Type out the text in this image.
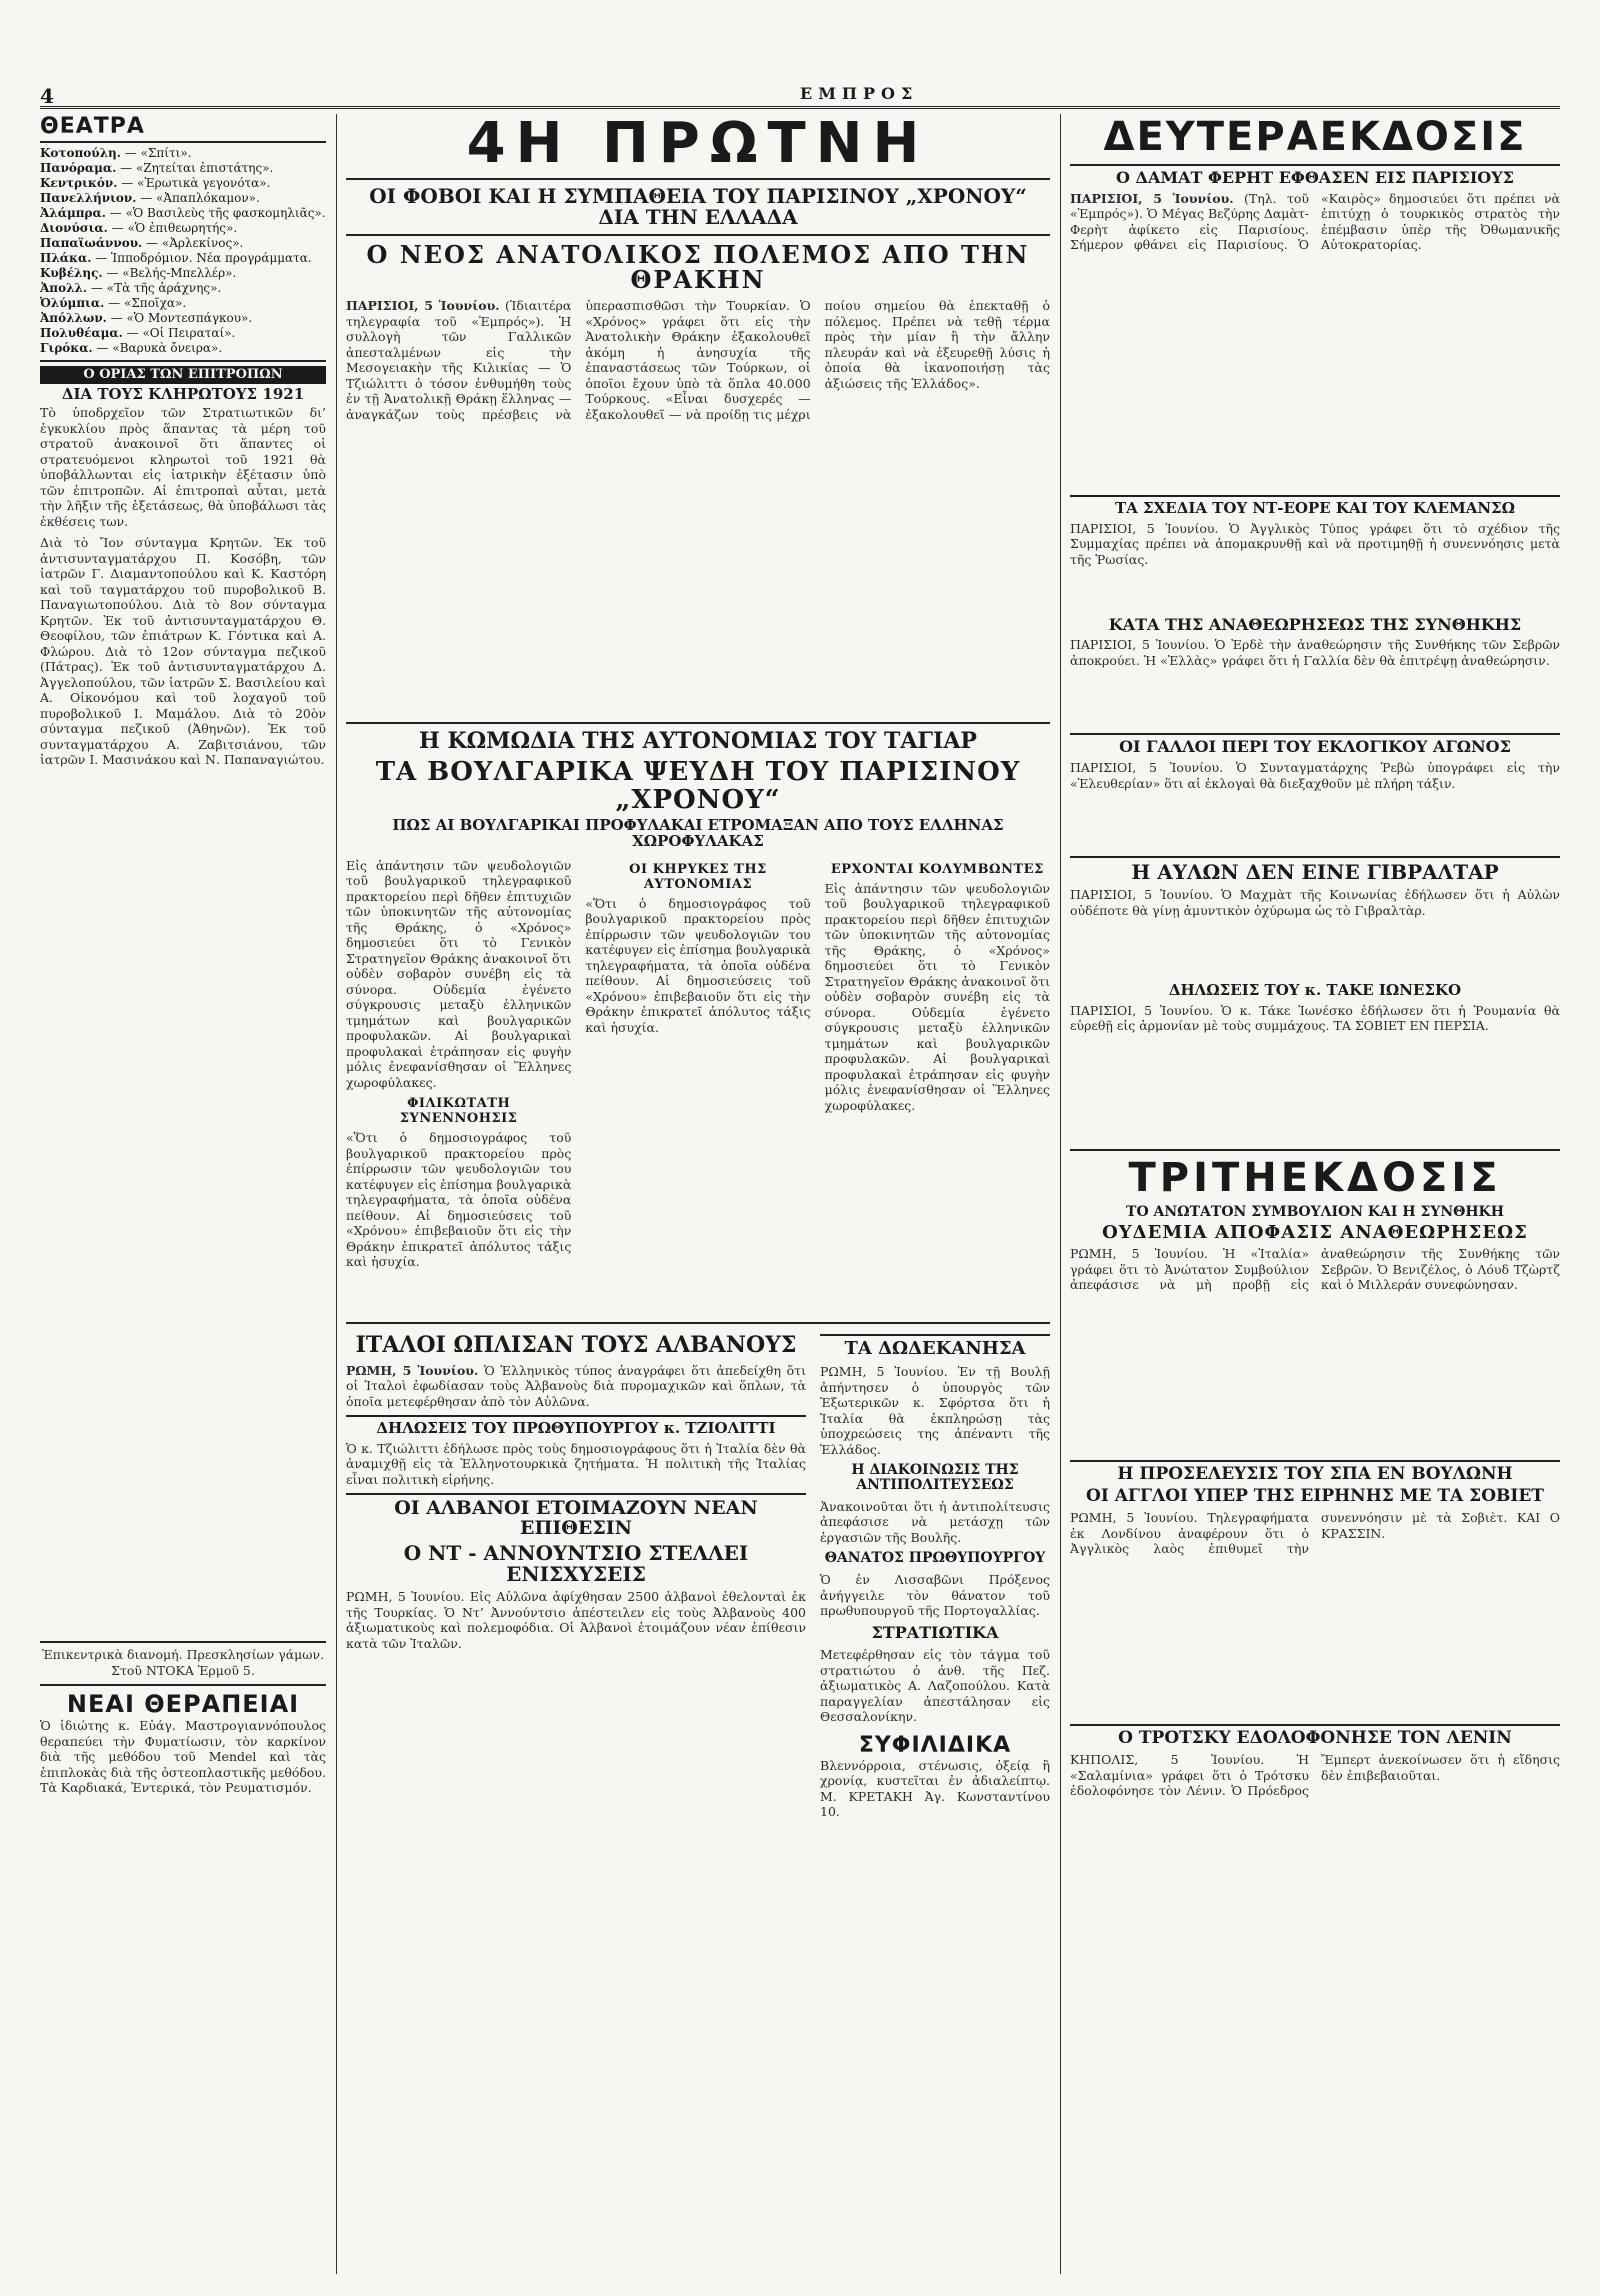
4	ΕΜΠΡΟΣ
ΘΕΑΤΡΑ
Κοτοπούλη. — «Σπίτι».
Πανόραμα. — «Ζητείται ἐπιστάτης».
Κεντρικόν. — «Ἐρωτικὰ γεγονότα».
Πανελλήνιον. — «Ἀπαπλόκαμον».
Ἀλάμπρα. — «Ὁ Βασιλεὺς τῆς φασκομηλιᾶς».
Διονύσια. — «Ὁ ἐπιθεωρητής».
Παπαϊωάννου. — «Ἀρλεκίνος».
Πλάκα. — Ἱπποδρόμιον. Νέα προγράμματα.
Κυβέλης. — «Βελής-Μπελλέρ».
Ἀπολλ. — «Τὰ τῆς ἀράχνης».
Ὀλύμπια. — «Σποῖχα».
Ἀπόλλων. — «Ὁ Μοντεσπάγκου».
Πολυθέαμα. — «Οἱ Πειραταί».
Γιρόκα. — «Βαρυκὰ ὄνειρα».
Ο ΟΡΙΑΣ ΤΩΝ ΕΠΙΤΡΟΠΩΝ
ΔΙΑ ΤΟΥΣ ΚΛΗΡΩΤΟΥΣ 1921

Τὸ ὑποδρχεῖον τῶν Στρατιωτικῶν δι’ ἐγκυκλίου πρὸς ἅπαντας τὰ μέρη τοῦ στρατοῦ ἀνακοινοῖ ὅτι ἅπαντες οἱ στρατευόμενοι κληρωτοὶ τοῦ 1921 θὰ ὑποβάλλωνται εἰς ἰατρικὴν ἐξέτασιν ὑπὸ τῶν ἐπιτροπῶν. Αἱ ἐπιτροπαὶ αὗται, μετὰ τὴν λῆξιν τῆς ἐξετάσεως, θὰ ὑποβάλωσι τὰς ἐκθέσεις των.

Διὰ τὸ Ἴον σύνταγμα Κρητῶν. Ἐκ τοῦ ἀντισυνταγματάρχου Π. Κοσόβη, τῶν ἰατρῶν Γ. Διαμαντοπούλου καὶ Κ. Καστόρη καὶ τοῦ ταγματάρχου τοῦ πυροβολικοῦ Β. Παναγιωτοπούλου. Διὰ τὸ 8ον σύνταγμα Κρητῶν. Ἐκ τοῦ ἀντισυνταγματάρχου Θ. Θεοφίλου, τῶν ἐπιάτρων Κ. Γόντικα καὶ Α. Φλώρου. Διὰ τὸ 12ον σύνταγμα πεζικοῦ (Πάτρας). Ἐκ τοῦ ἀντισυνταγματάρχου Δ. Ἀγγελοπούλου, τῶν ἰατρῶν Σ. Βασιλείου καὶ Α. Οἰκονόμου καὶ τοῦ λοχαγοῦ τοῦ πυροβολικοῦ Ι. Μαμάλου. Διὰ τὸ 20ὸν σύνταγμα πεζικοῦ (Ἀθηνῶν). Ἐκ τοῦ συνταγματάρχου Α. Ζαβιτσιάνου, τῶν ἰατρῶν Ι. Μασινάκου καὶ Ν. Παπαναγιώτου.

Ἐπικεντρικὰ διανομή. Πρεσκλησίων γάμων. Στοῦ ΝΤΟΚΑ Ἑρμοῦ 5.

ΝΕΑΙ ΘΕΡΑΠΕΙΑΙ

Ὁ ἰδιώτης κ. Εὐάγ. Μαστρογιαννόπουλος θεραπεύει τὴν Φυματίωσιν, τὸν καρκίνον διὰ τῆς μεθόδου τοῦ Mendel καὶ τὰς ἐπιπλοκὰς διὰ τῆς ὀστεοπλαστικῆς μεθόδου. Τὰ Καρδιακά, Ἐντερικά, τὸν Ρευματισμόν.

4Η ΠΡΩΤΝΗ
ΟΙ ΦΟΒΟΙ ΚΑΙ Η ΣΥΜΠΑΘΕΙΑ ΤΟΥ ΠΑΡΙΣΙΝΟΥ „ΧΡΟΝΟΥ“ ΔΙΑ ΤΗΝ ΕΛΛΑΔΑ
Ο ΝΕΟΣ ΑΝΑΤΟΛΙΚΟΣ ΠΟΛΕΜΟΣ ΑΠΟ ΤΗΝ ΘΡΑΚΗΝ

ΠΑΡΙΣΙΟΙ, 5 Ἰουνίου. (Ἰδιαιτέρα τηλεγραφία τοῦ «Ἐμπρός»). Ἡ συλλογὴ τῶν Γαλλικῶν ἀπεσταλμένων εἰς τὴν Μεσογειακὴν τῆς Κιλικίας — Ὁ Τζιώλιττι ὁ τόσον ἐνθυμήθη τοὺς ἐν τῇ Ἀνατολικῇ Θράκῃ ἕλληνας — ἀναγκάζων τοὺς πρέσβεις νὰ ὑπερασπισθῶσι τὴν Τουρκίαν. Ὁ «Χρόνος» γράφει ὅτι εἰς τὴν Ἀνατολικὴν Θράκην ἑξακολουθεῖ ἀκόμη ἡ ἀνησυχία τῆς ἐπαναστάσεως τῶν Τούρκων, οἱ ὁποῖοι ἔχουν ὑπὸ τὰ ὅπλα 40.000 Τούρκους. «Εἶναι δυσχερές — ἐξακολουθεῖ — νὰ προίδῃ τις μέχρι ποίου σημείου θὰ ἐπεκταθῇ ὁ πόλεμος. Πρέπει νὰ τεθῇ τέρμα πρὸς τὴν μίαν ἢ τὴν ἄλλην πλευράν καὶ νὰ ἐξευρεθῇ λύσις ἡ ὁποία θὰ ἰκανοποιήσῃ τὰς ἀξιώσεις τῆς Ἑλλάδος».

Η ΚΩΜΩΔΙΑ ΤΗΣ ΑΥΤΟΝΟΜΙΑΣ ΤΟΥ ΤΑΓΙΑΡ
ΤΑ ΒΟΥΛΓΑΡΙΚΑ ΨΕΥΔΗ ΤΟΥ ΠΑΡΙΣΙΝΟΥ „ΧΡΟΝΟΥ“
ΠΩΣ ΑΙ ΒΟΥΛΓΑΡΙΚΑΙ ΠΡΟΦΥΛΑΚΑΙ ΕΤΡΟΜΑΞΑΝ ΑΠΟ ΤΟΥΣ ΕΛΛΗΝΑΣ ΧΩΡΟΦΥΛΑΚΑΣ

Εἰς ἀπάντησιν τῶν ψευδολογιῶν τοῦ βουλγαρικοῦ τηλεγραφικοῦ πρακτορείου περὶ δῆθεν ἐπιτυχιῶν τῶν ὑποκινητῶν τῆς αὐτονομίας τῆς Θράκης, ὁ «Χρόνος» δημοσιεύει ὅτι τὸ Γενικὸν Στρατηγεῖον Θράκης ἀνακοινοῖ ὅτι οὐδὲν σοβαρὸν συνέβη εἰς τὰ σύνορα. Οὐδεμία ἐγένετο σύγκρουσις μεταξὺ ἑλληνικῶν τμημάτων καὶ βουλγαρικῶν προφυλακῶν. Αἱ βουλγαρικαὶ προφυλακαὶ ἐτράπησαν εἰς φυγὴν μόλις ἐνεφανίσθησαν οἱ Ἕλληνες χωροφύλακες.

ΦΙΛΙΚΩΤΑΤΗ ΣΥΝΕΝΝΟΗΣΙΣ

«Ὅτι ὁ δημοσιογράφος τοῦ βουλγαρικοῦ πρακτορείου πρὸς ἐπίρρωσιν τῶν ψευδολογιῶν του κατέφυγεν εἰς ἐπίσημα βουλγαρικὰ τηλεγραφήματα, τὰ ὁποῖα οὐδένα πείθουν. Αἱ δημοσιεύσεις τοῦ «Χρόνου» ἐπιβεβαιοῦν ὅτι εἰς τὴν Θράκην ἐπικρατεῖ ἀπόλυτος τάξις καὶ ἡσυχία.

ΟΙ ΚΗΡΥΚΕΣ ΤΗΣ ΑΥΤΟΝΟΜΙΑΣ

«Ὅτι ὁ δημοσιογράφος τοῦ βουλγαρικοῦ πρακτορείου πρὸς ἐπίρρωσιν τῶν ψευδολογιῶν του κατέφυγεν εἰς ἐπίσημα βουλγαρικὰ τηλεγραφήματα, τὰ ὁποῖα οὐδένα πείθουν. Αἱ δημοσιεύσεις τοῦ «Χρόνου» ἐπιβεβαιοῦν ὅτι εἰς τὴν Θράκην ἐπικρατεῖ ἀπόλυτος τάξις καὶ ἡσυχία.

ΕΡΧΟΝΤΑΙ ΚΟΛΥΜΒΩΝΤΕΣ

Εἰς ἀπάντησιν τῶν ψευδολογιῶν τοῦ βουλγαρικοῦ τηλεγραφικοῦ πρακτορείου περὶ δῆθεν ἐπιτυχιῶν τῶν ὑποκινητῶν τῆς αὐτονομίας τῆς Θράκης, ὁ «Χρόνος» δημοσιεύει ὅτι τὸ Γενικὸν Στρατηγεῖον Θράκης ἀνακοινοῖ ὅτι οὐδὲν σοβαρὸν συνέβη εἰς τὰ σύνορα. Οὐδεμία ἐγένετο σύγκρουσις μεταξὺ ἑλληνικῶν τμημάτων καὶ βουλγαρικῶν προφυλακῶν. Αἱ βουλγαρικαὶ προφυλακαὶ ἐτράπησαν εἰς φυγὴν μόλις ἐνεφανίσθησαν οἱ Ἕλληνες χωροφύλακες.

ΙΤΑΛΟΙ ΩΠΛΙΣΑΝ ΤΟΥΣ ΑΛΒΑΝΟΥΣ

ΡΩΜΗ, 5 Ἰουνίου. Ὁ Ἑλληνικὸς τύπος ἀναγράφει ὅτι ἀπεδείχθη ὅτι οἱ Ἰταλοὶ ἐφωδίασαν τοὺς Ἀλβανοὺς διὰ πυρομαχικῶν καὶ ὅπλων, τὰ ὁποῖα μετεφέρθησαν ἀπὸ τὸν Αὐλῶνα.

ΔΗΛΩΣΕΙΣ ΤΟΥ ΠΡΩΘΥΠΟΥΡΓΟΥ κ. ΤΖΙΟΛΙΤΤΙ

Ὁ κ. Τζιώλιττι ἐδήλωσε πρὸς τοὺς δημοσιογράφους ὅτι ἡ Ἰταλία δὲν θὰ ἀναμιχθῇ εἰς τὰ Ἑλληνοτουρκικὰ ζητήματα. Ἡ πολιτικὴ τῆς Ἰταλίας εἶναι πολιτικὴ εἰρήνης.

ΟΙ ΑΛΒΑΝΟΙ ΕΤΟΙΜΑΖΟΥΝ ΝΕΑΝ ΕΠΙΘΕΣΙΝ
Ο ΝΤ - ΑΝΝΟΥΝΤΣΙΟ ΣΤΕΛΛΕΙ ΕΝΙΣΧΥΣΕΙΣ

ΡΩΜΗ, 5 Ἰουνίου. Εἰς Αὐλῶνα ἀφίχθησαν 2500 ἀλβανοὶ ἐθελονταὶ ἐκ τῆς Τουρκίας. Ὁ Ντ’ Ἀννούντσιο ἀπέστειλεν εἰς τοὺς Ἀλβανοὺς 400 ἀξιωματικοὺς καὶ πολεμοφόδια. Οἱ Ἀλβανοὶ ἑτοιμάζουν νέαν ἐπίθεσιν κατὰ τῶν Ἰταλῶν.

ΤΑ ΔΩΔΕΚΑΝΗΣΑ

ΡΩΜΗ, 5 Ἰουνίου. Ἐν τῇ Βουλῇ ἀπήντησεν ὁ ὑπουργὸς τῶν Ἐξωτερικῶν κ. Σφόρτσα ὅτι ἡ Ἰταλία θὰ ἐκπληρώσῃ τὰς ὑποχρεώσεις της ἀπέναντι τῆς Ἑλλάδος.

Η ΔΙΑΚΟΙΝΩΣΙΣ ΤΗΣ ΑΝΤΙΠΟΛΙΤΕΥΣΕΩΣ

Ἀνακοινοῦται ὅτι ἡ ἀντιπολίτευσις ἀπεφάσισε νὰ μετάσχῃ τῶν ἐργασιῶν τῆς Βουλῆς.

ΘΑΝΑΤΟΣ ΠΡΩΘΥΠΟΥΡΓΟΥ

Ὁ ἐν Λισσαβῶνι Πρόξενος ἀνήγγειλε τὸν θάνατον τοῦ πρωθυπουργοῦ τῆς Πορτογαλλίας.

ΣΤΡΑΤΙΩΤΙΚΑ

Μετεφέρθησαν εἰς τὸν τάγμα τοῦ στρατιώτου ὁ ἀνθ. τῆς Πεζ. ἀξιωματικὸς Α. Λαζοπούλου. Κατὰ παραγγελίαν ἀπεστάλησαν εἰς Θεσσαλονίκην.

ΣΥΦΙΛΙΔΙΚΑ

Βλεννόρροια, στένωσις, ὀξείᾳ ἢ χρονίᾳ, κυστεῖται ἐν ἀδιαλείπτῳ. Μ. ΚΡΕΤΑΚΗ Ἀγ. Κωνσταντίνου 10.

ΔΕΥΤΕΡΑΕΚΔΟΣΙΣ
Ο ΔΑΜΑΤ ΦΕΡΗΤ ΕΦΘΑΣΕΝ ΕΙΣ ΠΑΡΙΣΙΟΥΣ

ΠΑΡΙΣΙΟΙ, 5 Ἰουνίου. (Τηλ. τοῦ «Ἐμπρός»). Ὁ Μέγας Βεζύρης Δαμὰτ-Φερὴτ ἀφίκετο εἰς Παρισίους. Σήμερον φθάνει εἰς Παρισίους. Ὁ «Καιρὸς» δημοσιεύει ὅτι πρέπει νὰ ἐπιτύχῃ ὁ τουρκικὸς στρατὸς τὴν ἐπέμβασιν ὑπὲρ τῆς Ὀθωμανικῆς Αὐτοκρατορίας.

ΤΑ ΣΧΕΔΙΑ ΤΟΥ ΝΤ-ΕΟΡΕ ΚΑΙ ΤΟΥ ΚΛΕΜΑΝΣΩ

ΠΑΡΙΣΙΟΙ, 5 Ἰουνίου. Ὁ Ἀγγλικὸς Τύπος γράφει ὅτι τὸ σχέδιον τῆς Συμμαχίας πρέπει νὰ ἀπομακρυνθῇ καὶ νὰ προτιμηθῇ ἡ συνεννόησις μετὰ τῆς Ῥωσίας.

ΚΑΤΑ ΤΗΣ ΑΝΑΘΕΩΡΗΣΕΩΣ ΤΗΣ ΣΥΝΘΗΚΗΣ

ΠΑΡΙΣΙΟΙ, 5 Ἰουνίου. Ὁ Ἐρδὲ τὴν ἀναθεώρησιν τῆς Συνθήκης τῶν Σεβρῶν ἀποκρούει. Ἡ «Ἑλλὰς» γράφει ὅτι ἡ Γαλλία δὲν θὰ ἐπιτρέψῃ ἀναθεώρησιν.

ΟΙ ΓΑΛΛΟΙ ΠΕΡΙ ΤΟΥ ΕΚΛΟΓΙΚΟΥ ΑΓΩΝΟΣ

ΠΑΡΙΣΙΟΙ, 5 Ἰουνίου. Ὁ Συνταγματάρχης Ῥεβὼ ὑπογράφει εἰς τὴν «Ἐλευθερίαν» ὅτι αἱ ἐκλογαὶ θὰ διεξαχθοῦν μὲ πλήρη τάξιν.

Η ΑΥΛΩΝ ΔΕΝ ΕΙΝΕ ΓΙΒΡΑΛΤΑΡ

ΠΑΡΙΣΙΟΙ, 5 Ἰουνίου. Ὁ Μαχμὰτ τῆς Κοινωνίας ἐδήλωσεν ὅτι ἡ Αὐλὼν οὐδέποτε θὰ γίνῃ ἀμυντικὸν ὀχύρωμα ὡς τὸ Γιβραλτὰρ.

ΔΗΛΩΣΕΙΣ ΤΟΥ κ. ΤΑΚΕ ΙΩΝΕΣΚΟ

ΠΑΡΙΣΙΟΙ, 5 Ἰουνίου. Ὁ κ. Τάκε Ἰωνέσκο ἐδήλωσεν ὅτι ἡ Ῥουμανία θὰ εὑρεθῇ εἰς ἀρμονίαν μὲ τοὺς συμμάχους. ΤΑ ΣΟΒΙΕΤ ΕΝ ΠΕΡΣΙΑ.

ΤΡΙΤΗΕΚΔΟΣΙΣ
ΤΟ ΑΝΩΤΑΤΟΝ ΣΥΜΒΟΥΛΙΟΝ ΚΑΙ Η ΣΥΝΘΗΚΗ
ΟΥΔΕΜΙΑ ΑΠΟΦΑΣΙΣ ΑΝΑΘΕΩΡΗΣΕΩΣ

ΡΩΜΗ, 5 Ἰουνίου. Ἡ «Ἰταλία» γράφει ὅτι τὸ Ἀνώτατον Συμβούλιον ἀπεφάσισε νὰ μὴ προβῇ εἰς ἀναθεώρησιν τῆς Συνθήκης τῶν Σεβρῶν. Ὁ Βενιζέλος, ὁ Λόυδ Τζὼρτζ καὶ ὁ Μιλλεράν συνεφώνησαν.

Η ΠΡΟΣΕΛΕΥΣΙΣ ΤΟΥ ΣΠΑ ΕΝ ΒΟΥΛΩΝΗ
ΟΙ ΑΓΓΛΟΙ ΥΠΕΡ ΤΗΣ ΕΙΡΗΝΗΣ ΜΕ ΤΑ ΣΟΒΙΕΤ

ΡΩΜΗ, 5 Ἰουνίου. Τηλεγραφήματα ἐκ Λονδίνου ἀναφέρουν ὅτι ὁ Ἀγγλικὸς λαὸς ἐπιθυμεῖ τὴν συνεννόησιν μὲ τὰ Σοβιὲτ. ΚΑΙ Ο ΚΡΑΣΣΙΝ.

Ο ΤΡΟΤΣΚΥ ΕΔΟΛΟΦΟΝΗΣΕ ΤΟΝ ΛΕΝΙΝ

ΚΗΠΟΛΙΣ, 5 Ἰουνίου. Ἡ «Σαλαμίνια» γράφει ὅτι ὁ Τρότσκυ ἐδολοφόνησε τὸν Λένιν. Ὁ Πρόεδρος Ἔμπερτ ἀνεκοίνωσεν ὅτι ἡ εἴδησις δὲν ἐπιβεβαιοῦται.
